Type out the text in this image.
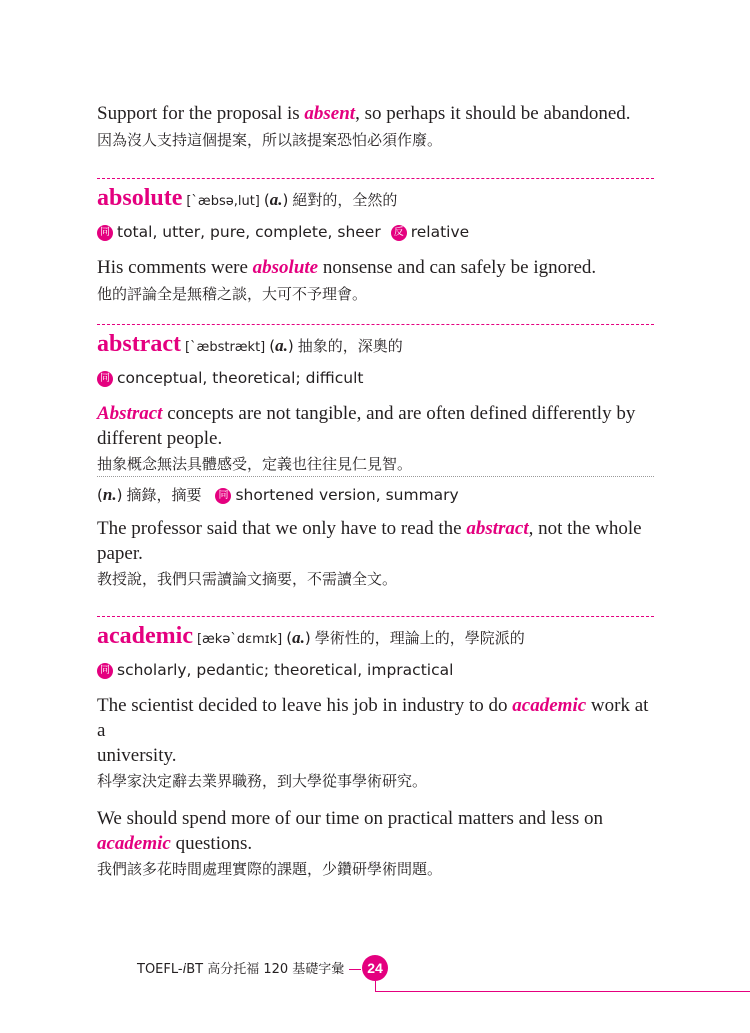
Support for the proposal is absent, so perhaps it should be abandoned.

因為沒人支持這個提案，所以該提案恐怕必須作廢。

absolute [`æbsə,lut] (a.) 絕對的，全然的
同 total, utter, pure, complete, sheer 反 relative

His comments were absolute nonsense and can safely be ignored.

他的評論全是無稽之談，大可不予理會。

abstract [`æbstrækt] (a.) 抽象的，深奧的
同 conceptual, theoretical; difficult

Abstract concepts are not tangible, and are often defined differently by
different people.

抽象概念無法具體感受，定義也往往見仁見智。

(n.) 摘錄，摘要 同 shortened version, summary

The professor said that we only have to read the abstract, not the whole
paper.

教授說，我們只需讀論文摘要，不需讀全文。

academic [ækə`dεmɪk] (a.) 學術性的，理論上的，學院派的
同 scholarly, pedantic; theoretical, impractical

The scientist decided to leave his job in industry to do academic work at a
university.

科學家決定辭去業界職務，到大學從事學術研究。

We should spend more of our time on practical matters and less on
academic questions.

我們該多花時間處理實際的課題，少鑽研學術問題。

TOEFL-iBT 高分托福 120 基礎字彙	24
